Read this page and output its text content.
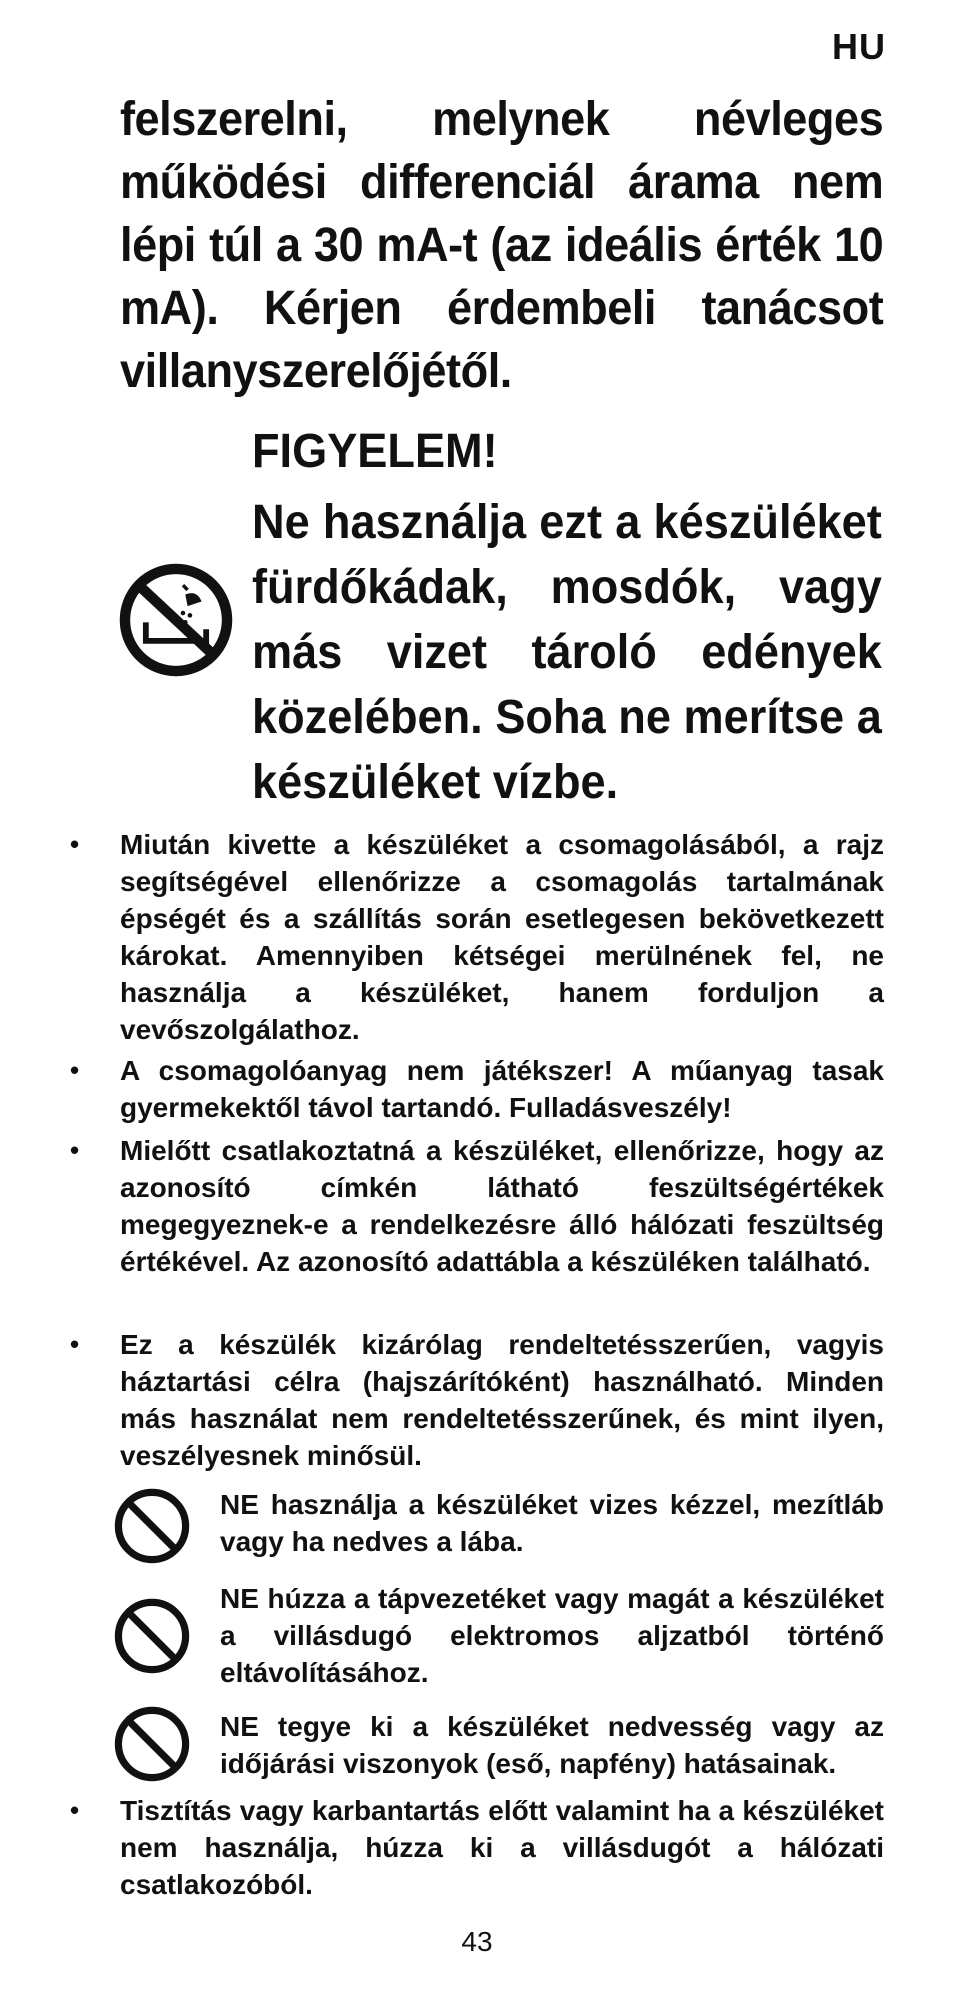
HU
felszerelni, melynek névleges működési differenciál árama nem lépi túl a 30 mA-t (az ideális érték 10 mA). Kérjen érdembeli tanácsot villanyszerelőjétől.
FIGYELEM!
Ne használja ezt a készüléket fürdőkádak, mosdók, vagy más vizet tároló edények közelében. Soha ne merítse a készüléket vízbe.
• Miután kivette a készüléket a csomagolásából, a rajz segítségével ellenőrizze a csomagolás tartalmának épségét és a szállítás során esetlegesen bekövetkezett károkat. Amennyiben kétségei merülnének fel, ne használja a készüléket, hanem forduljon a vevőszolgálathoz.
• A csomagolóanyag nem játékszer! A műanyag tasak gyermekektől távol tartandó. Fulladásveszély!
• Mielőtt csatlakoztatná a készüléket, ellenőrizze, hogy az azonosító címkén látható feszültségértékek megegyeznek-e a rendelkezésre álló hálózati feszültség értékével. Az azonosító adattábla a készüléken található.
• Ez a készülék kizárólag rendeltetésszerűen, vagyis háztartási célra (hajszárítóként) használható. Minden más használat nem rendeltetésszerűnek, és mint ilyen, veszélyesnek minősül.
NE használja a készüléket vizes kézzel, mezítláb vagy ha nedves a lába.
NE húzza a tápvezetéket vagy magát a készüléket a villásdugó elektromos aljzatból történő eltávolításához.
NE tegye ki a készüléket nedvesség vagy az időjárási viszonyok (eső, napfény) hatásainak.
• Tisztítás vagy karbantartás előtt valamint ha a készüléket nem használja, húzza ki a villásdugót a hálózati csatlakozóból.
43
